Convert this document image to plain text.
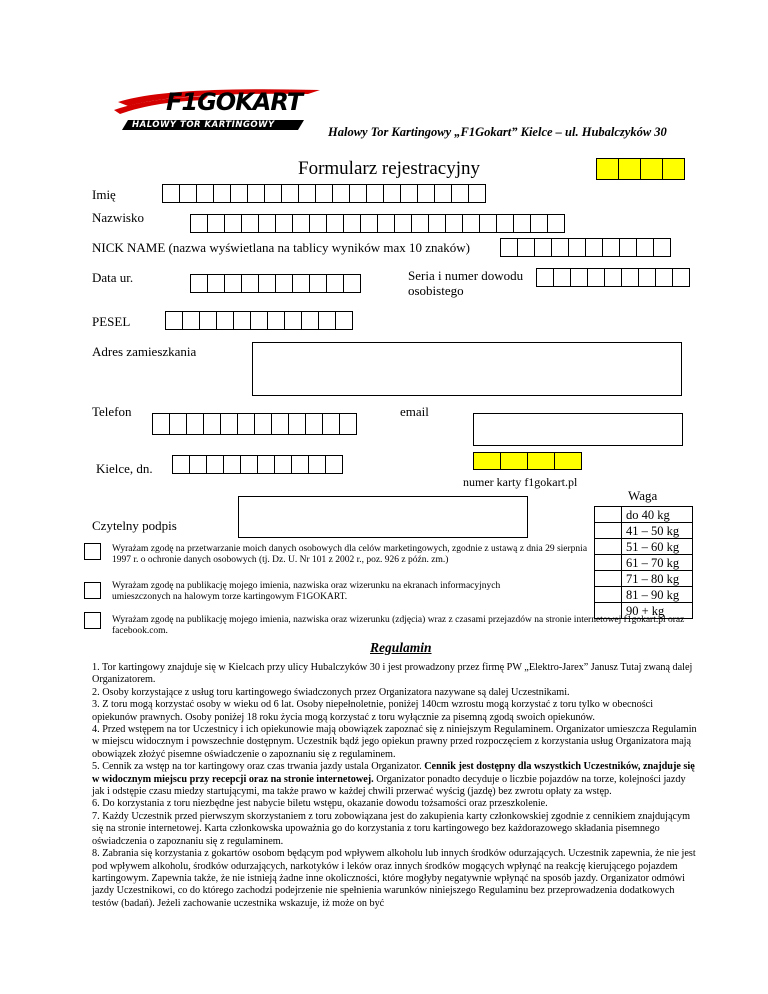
F1GOKART
HALOWY TOR KARTINGOWY	Halowy Tor Kartingowy „F1Gokart” Kielce – ul. Hubalczyków 30
Formularz rejestracyjny
Imię
Nazwisko
NICK NAME (nazwa wyświetlana na tablicy wyników max 10 znaków)
Data ur.	Seria i numer dowodu
osobistego
PESEL
Adres zamieszkania
Telefon	email
Kielce, dn.
numer karty f1gokart.pl
Waga
	do 40 kg
	41 – 50 kg
	51 – 60 kg
	61 – 70 kg
	71 – 80 kg
	81 – 90 kg
	90 + kg
Czytelny podpis
Wyrażam zgodę na przetwarzanie moich danych osobowych dla celów marketingowych, zgodnie z ustawą z dnia 29 sierpnia 1997 r. o ochronie danych osobowych (tj. Dz. U. Nr 101 z 2002 r., poz. 926 z późn. zm.)
Wyrażam zgodę na publikację mojego imienia, nazwiska oraz wizerunku na ekranach informacyjnych umieszczonych na halowym torze kartingowym F1GOKART.
Wyrażam zgodę na publikację mojego imienia, nazwiska oraz wizerunku (zdjęcia) wraz z czasami przejazdów na stronie internetowej f1gokart.pl oraz facebook.com.
Regulamin

1. Tor kartingowy znajduje się w Kielcach przy ulicy Hubalczyków 30 i jest prowadzony przez firmę PW „Elektro-Jarex” Janusz Tutaj zwaną dalej Organizatorem.

2. Osoby korzystające z usług toru kartingowego świadczonych przez Organizatora nazywane są dalej Uczestnikami.

3. Z toru mogą korzystać osoby w wieku od 6 lat. Osoby niepełnoletnie, poniżej 140cm wzrostu mogą korzystać z toru tylko w obecności opiekunów prawnych. Osoby poniżej 18 roku życia mogą korzystać z toru wyłącznie za pisemną zgodą swoich opiekunów.

4. Przed wstępem na tor Uczestnicy i ich opiekunowie mają obowiązek zapoznać się z niniejszym Regulaminem. Organizator umieszcza Regulamin w miejscu widocznym i powszechnie dostępnym. Uczestnik bądź jego opiekun prawny przed rozpoczęciem z korzystania usług Organizatora mają obowiązek złożyć pisemne oświadczenie o zapoznaniu się z regulaminem.

5. Cennik za wstęp na tor kartingowy oraz czas trwania jazdy ustala Organizator. Cennik jest dostępny dla wszystkich Uczestników, znajduje się w widocznym miejscu przy recepcji oraz na stronie internetowej. Organizator ponadto decyduje o liczbie pojazdów na torze, kolejności jazdy jak i odstępie czasu miedzy startującymi, ma także prawo w każdej chwili przerwać wyścig (jazdę) bez zwrotu opłaty za wstęp.

6. Do korzystania z toru niezbędne jest nabycie biletu wstępu, okazanie dowodu tożsamości oraz przeszkolenie.

7. Każdy Uczestnik przed pierwszym skorzystaniem z toru zobowiązana jest do zakupienia karty członkowskiej zgodnie z cennikiem znajdującym się na stronie internetowej. Karta członkowska upoważnia go do korzystania z toru kartingowego bez każdorazowego składania pisemnego oświadczenia o zapoznaniu się z regulaminem.

8. Zabrania się korzystania z gokartów osobom będącym pod wpływem alkoholu lub innych środków odurzających. Uczestnik zapewnia, że nie jest pod wpływem alkoholu, środków odurzających, narkotyków i leków oraz innych środków mogących wpłynąć na reakcję kierującego pojazdem kartingowym. Zapewnia także, że nie istnieją żadne inne okoliczności, które mogłyby negatywnie wpłynąć na sposób jazdy. Organizator odmówi jazdy Uczestnikowi, co do którego zachodzi podejrzenie nie spełnienia warunków niniejszego Regulaminu bez przeprowadzenia dodatkowych testów (badań). Jeżeli zachowanie uczestnika wskazuje, iż może on być
